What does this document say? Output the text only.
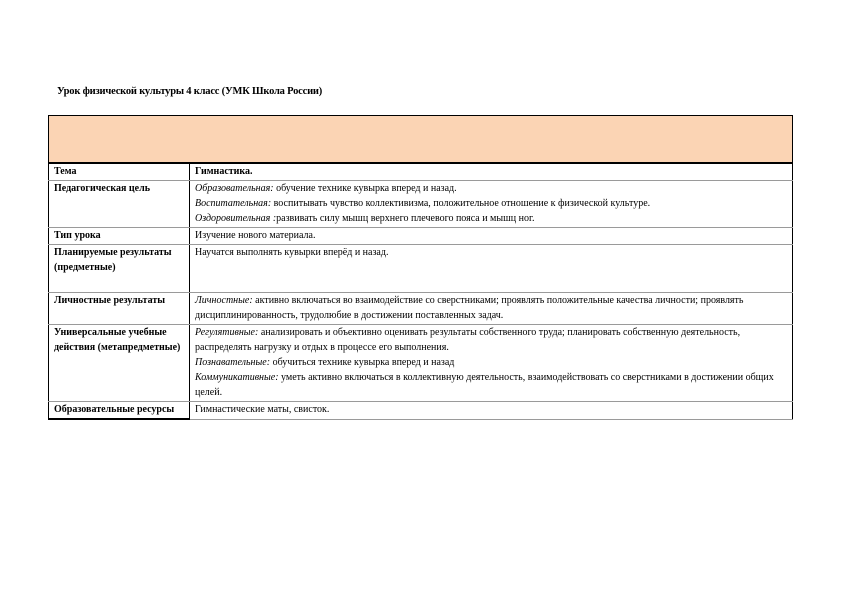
Урок физической культуры 4 класс (УМК Школа России)
Тема	Гимнастика.
Педагогическая цель	Образовательная: обучение технике кувырка вперед и назад.
Воспитательная: воспитывать чувство коллективизма, положительное отношение к физической культуре.
Оздоровительная :развивать силу мышц верхнего плечевого пояса и мышц ног.

Тип урока	Изучение нового материала.
Планируемые результаты (предметные)	Научатся выполнять кувырки вперёд и назад.
Личностные результаты	Личностные: активно включаться во взаимодействие со сверстниками; проявлять положительные качества личности; проявлять дисциплинированность, трудолюбие в достижении поставленных задач.
Универсальные учебные действия (метапредметные)	Регулятивные: анализировать и объективно оценивать результаты собственного труда; планировать собственную деятельность, распределять нагрузку и отдых в процессе его выполнения.
Познавательные: обучиться технике кувырка вперед и назад
Коммуникативные: уметь активно включаться в коллективную деятельность, взаимодействовать со сверстниками в достижении общих целей.

Образовательные ресурсы	Гимнастические маты, свисток.
